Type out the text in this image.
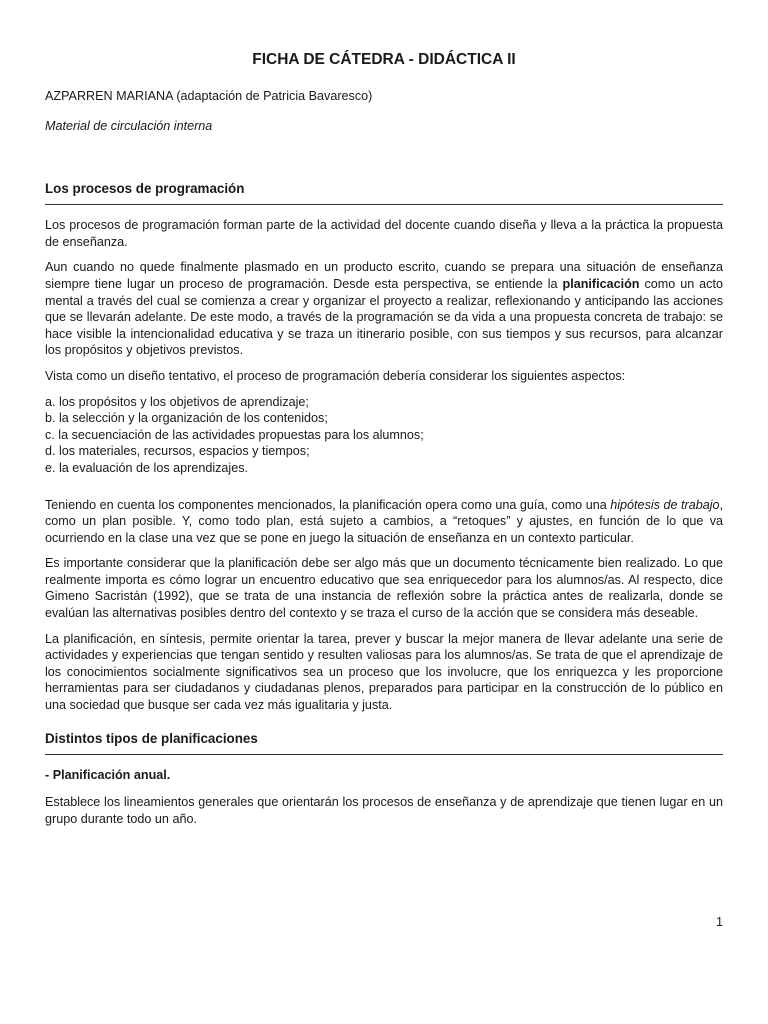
FICHA DE CÁTEDRA - DIDÁCTICA II
AZPARREN MARIANA (adaptación de Patricia Bavaresco)
Material de circulación interna
Los procesos de programación

Los procesos de programación forman parte de la actividad del docente cuando diseña y lleva a la práctica la propuesta de enseñanza.

Aun cuando no quede finalmente plasmado en un producto escrito, cuando se prepara una situación de enseñanza siempre tiene lugar un proceso de programación. Desde esta perspectiva, se entiende la planificación como un acto mental a través del cual se comienza a crear y organizar el proyecto a realizar, reflexionando y anticipando las acciones que se llevarán adelante. De este modo, a través de la programación se da vida a una propuesta concreta de trabajo: se hace visible la intencionalidad educativa y se traza un itinerario posible, con sus tiempos y sus recursos, para alcanzar los propósitos y objetivos previstos.

Vista como un diseño tentativo, el proceso de programación debería considerar los siguientes aspectos:

a. los propósitos y los objetivos de aprendizaje;
b. la selección y la organización de los contenidos;
c. la secuenciación de las actividades propuestas para los alumnos;
d. los materiales, recursos, espacios y tiempos;
e. la evaluación de los aprendizajes.

Teniendo en cuenta los componentes mencionados, la planificación opera como una guía, como una hipótesis de trabajo, como un plan posible. Y, como todo plan, está sujeto a cambios, a “retoques” y ajustes, en función de lo que va ocurriendo en la clase una vez que se pone en juego la situación de enseñanza en un contexto particular.

Es importante considerar que la planificación debe ser algo más que un documento técnicamente bien realizado. Lo que realmente importa es cómo lograr un encuentro educativo que sea enriquecedor para los alumnos/as. Al respecto, dice Gimeno Sacristán (1992), que se trata de una instancia de reflexión sobre la práctica antes de realizarla, donde se evalúan las alternativas posibles dentro del contexto y se traza el curso de la acción que se considera más deseable.

La planificación, en síntesis, permite orientar la tarea, prever y buscar la mejor manera de llevar adelante una serie de actividades y experiencias que tengan sentido y resulten valiosas para los alumnos/as. Se trata de que el aprendizaje de los conocimientos socialmente significativos sea un proceso que los involucre, que los enriquezca y les proporcione herramientas para ser ciudadanos y ciudadanas plenos, preparados para participar en la construcción de lo público en una sociedad que busque ser cada vez más igualitaria y justa.

Distintos tipos de planificaciones
- Planificación anual.

Establece los lineamientos generales que orientarán los procesos de enseñanza y de aprendizaje que tienen lugar en un grupo durante todo un año.

1
